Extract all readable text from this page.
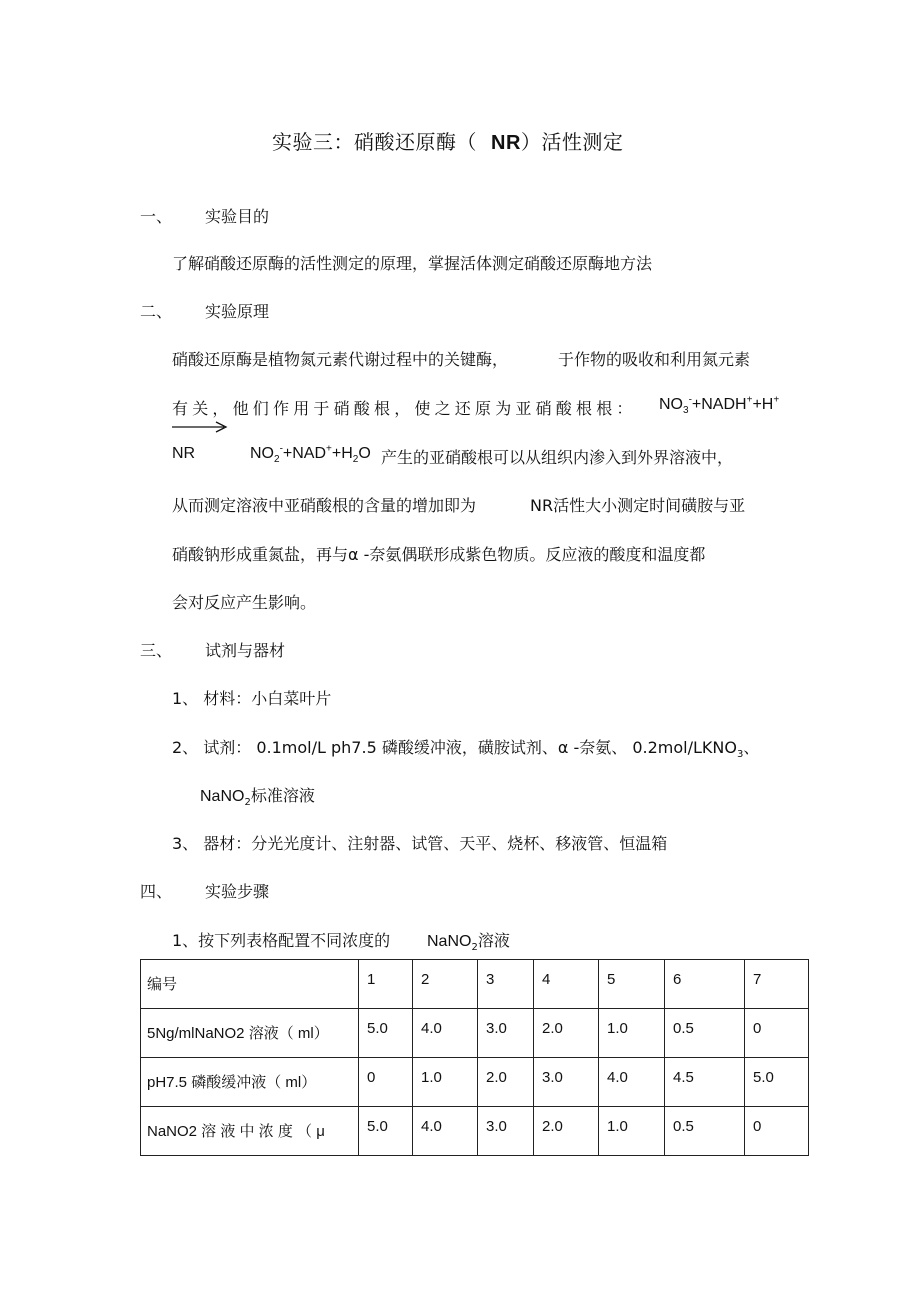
实验三：硝酸还原酶（ NR）活性测定
一、 实验目的
了解硝酸还原酶的活性测定的原理，掌握活体测定硝酸还原酶地方法
二、 实验原理
硝酸还原酶是植物氮元素代谢过程中的关键酶，	于作物的吸收和利用氮元素
有关，他们作用于硝酸根，使之还原为亚硝酸根根： $NO_3^-+NADH^++H^+$
NR	$NO_2^-+NAD^++H_2O$ 产生的亚硝酸根可以从组织内渗入到外界溶液中，
从而测定溶液中亚硝酸根的含量的增加即为	NR活性大小测定时间磺胺与亚
硝酸钠形成重氮盐，再与α -奈氨偶联形成紫色物质。反应液的酸度和温度都
会对反应产生影响。
三、 试剂与器材
1、 材料：小白菜叶片
2、 试剂： 0.1mol/L ph7.5 磷酸缓冲液，磺胺试剂、α -奈氨、 $0.2mol/LKNO_3$、
NaNO$_2$标准溶液
3、 器材：分光光度计、注射器、试管、天平、烧杯、移液管、恒温箱
四、 实验步骤
1、按下列表格配置不同浓度的 NaNO$_2$溶液
编号	1	2	3	4	5	6	7
5Ng/mlNaNO2 溶液（ ml）	5.0	4.0	3.0	2.0	1.0	0.5	0
pH7.5 磷酸缓冲液（ ml）	0	1.0	2.0	3.0	4.0	4.5	5.0
NaNO2 溶 液 中 浓 度 （ μ	5.0	4.0	3.0	2.0	1.0	0.5	0
